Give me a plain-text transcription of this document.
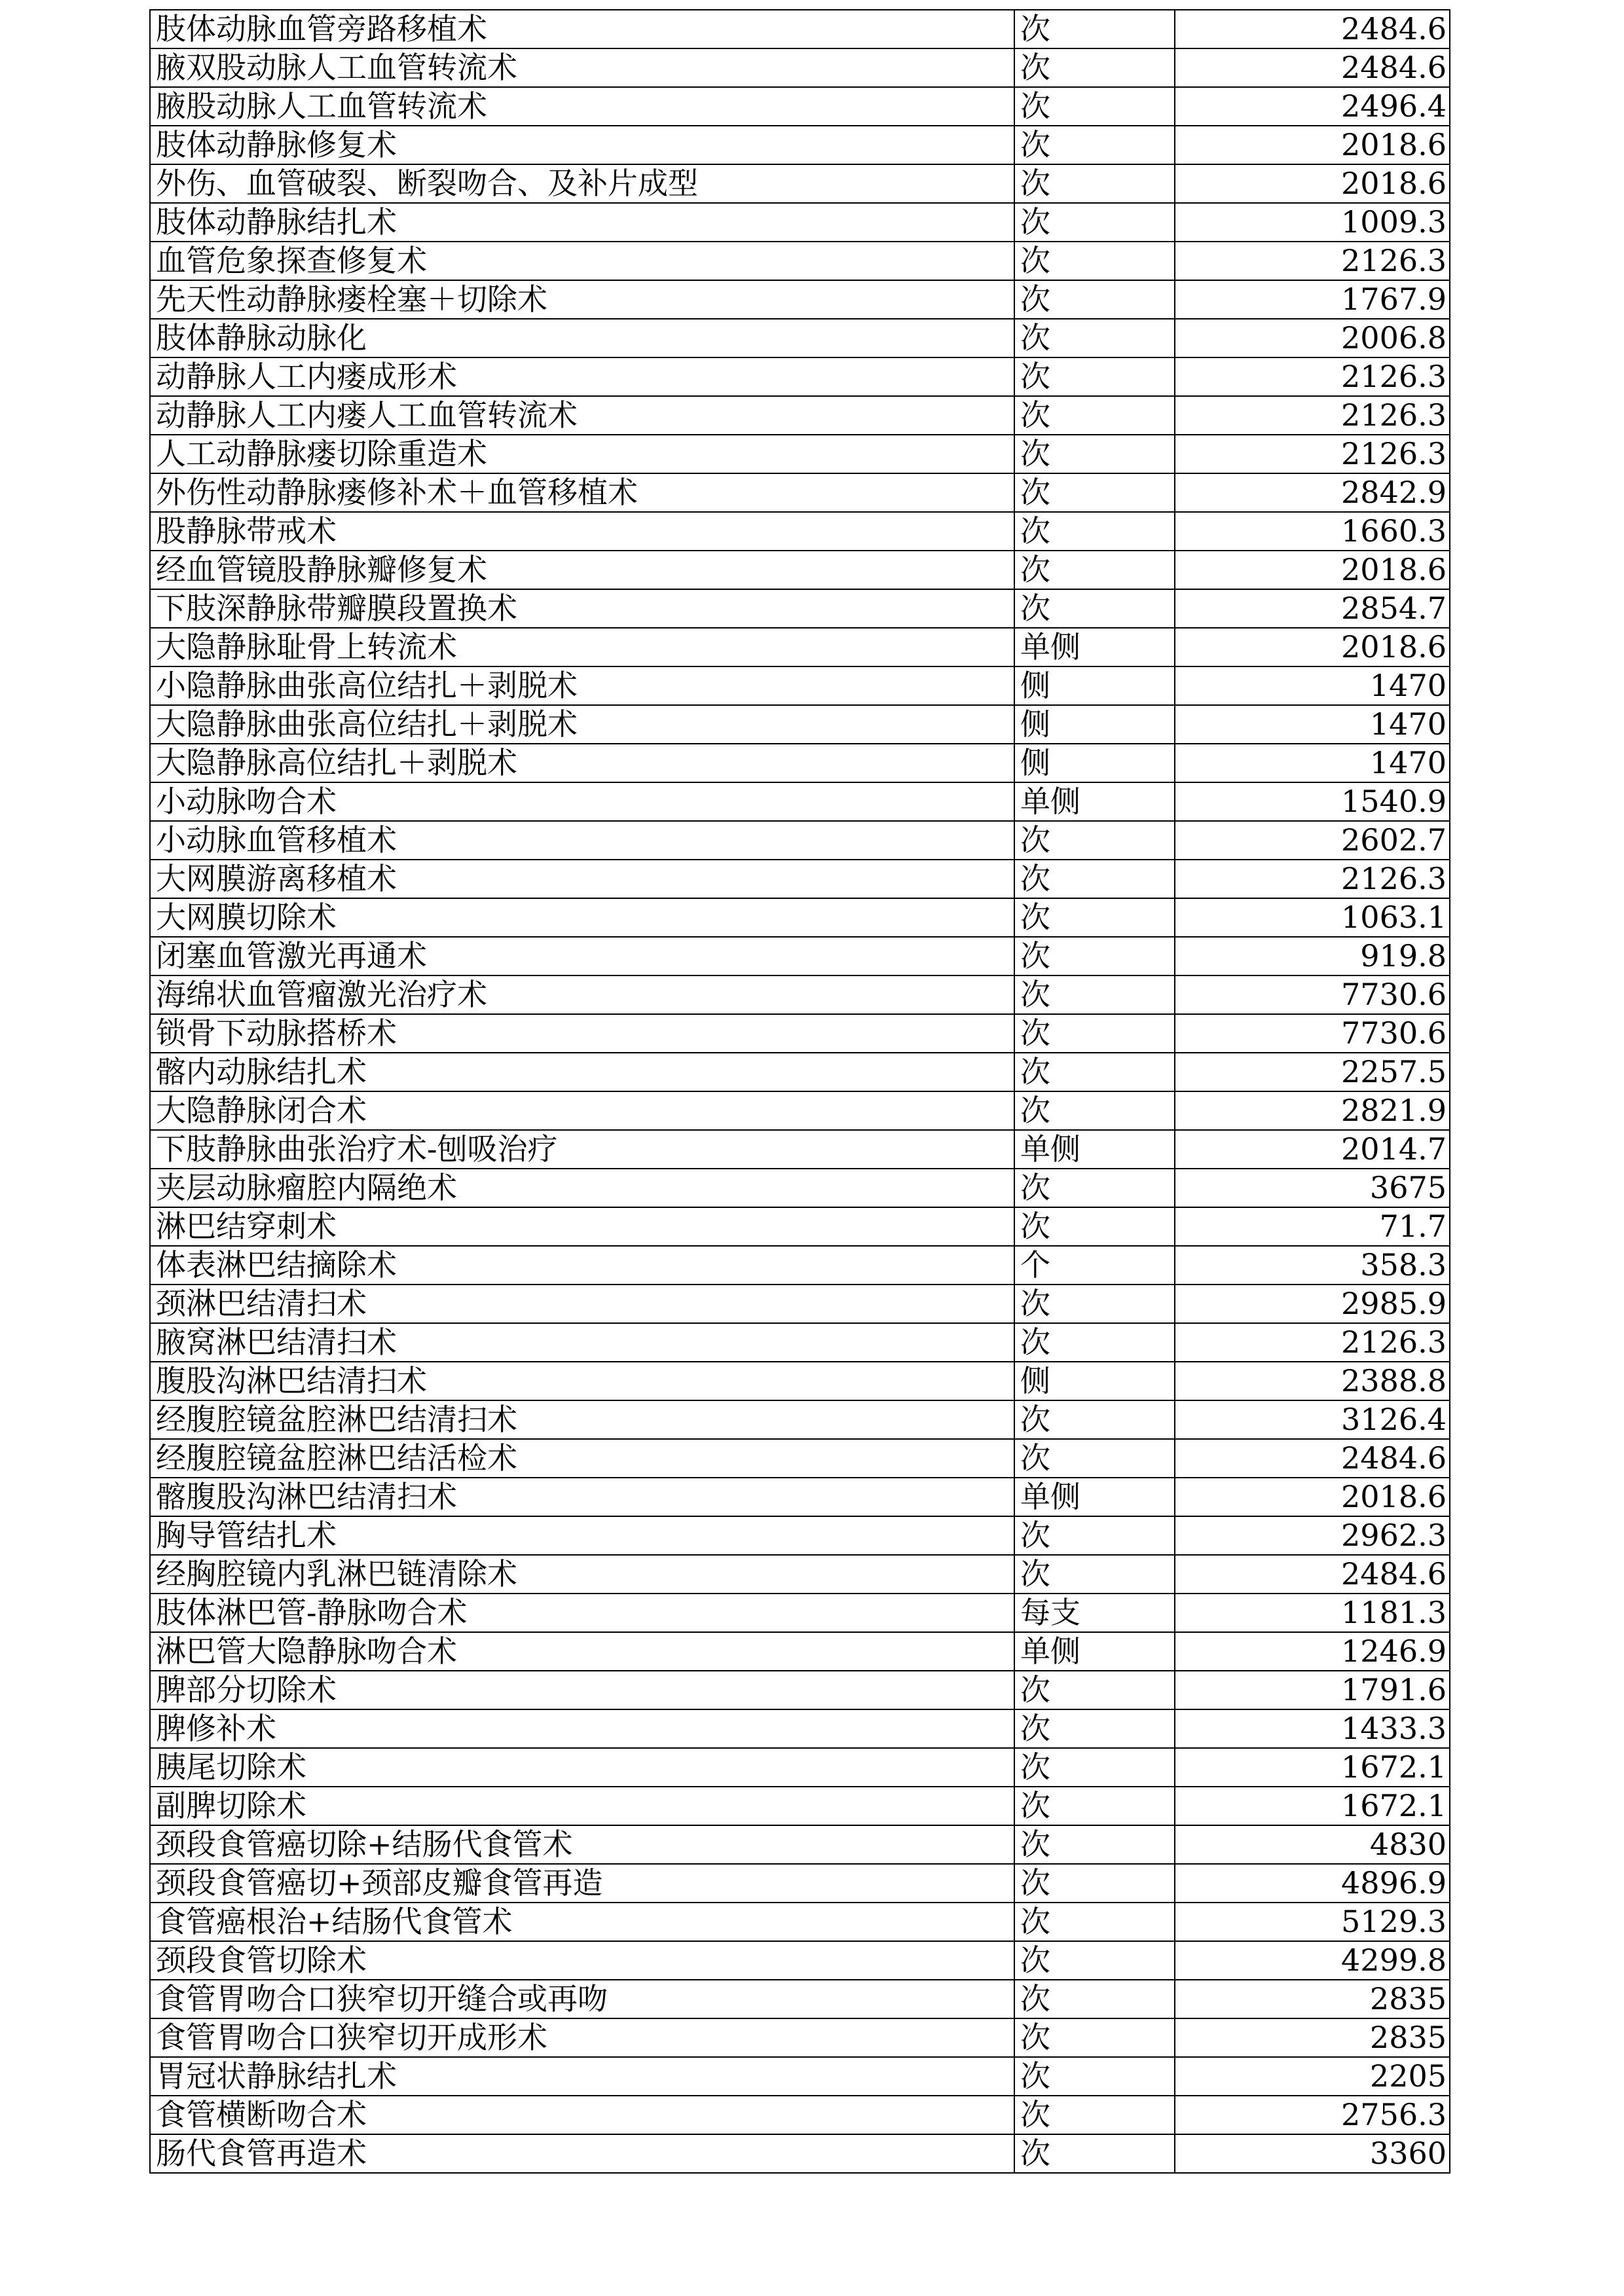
肢体动脉血管旁路移植术	次	2484.6
腋双股动脉人工血管转流术	次	2484.6
腋股动脉人工血管转流术	次	2496.4
肢体动静脉修复术	次	2018.6
外伤、血管破裂、断裂吻合、及补片成型	次	2018.6
肢体动静脉结扎术	次	1009.3
血管危象探查修复术	次	2126.3
先天性动静脉瘘栓塞＋切除术	次	1767.9
肢体静脉动脉化	次	2006.8
动静脉人工内瘘成形术	次	2126.3
动静脉人工内瘘人工血管转流术	次	2126.3
人工动静脉瘘切除重造术	次	2126.3
外伤性动静脉瘘修补术＋血管移植术	次	2842.9
股静脉带戒术	次	1660.3
经血管镜股静脉瓣修复术	次	2018.6
下肢深静脉带瓣膜段置换术	次	2854.7
大隐静脉耻骨上转流术	单侧	2018.6
小隐静脉曲张高位结扎＋剥脱术	侧	1470
大隐静脉曲张高位结扎＋剥脱术	侧	1470
大隐静脉高位结扎＋剥脱术	侧	1470
小动脉吻合术	单侧	1540.9
小动脉血管移植术	次	2602.7
大网膜游离移植术	次	2126.3
大网膜切除术	次	1063.1
闭塞血管激光再通术	次	919.8
海绵状血管瘤激光治疗术	次	7730.6
锁骨下动脉搭桥术	次	7730.6
髂内动脉结扎术	次	2257.5
大隐静脉闭合术	次	2821.9
下肢静脉曲张治疗术-刨吸治疗	单侧	2014.7
夹层动脉瘤腔内隔绝术	次	3675
淋巴结穿刺术	次	71.7
体表淋巴结摘除术	个	358.3
颈淋巴结清扫术	次	2985.9
腋窝淋巴结清扫术	次	2126.3
腹股沟淋巴结清扫术	侧	2388.8
经腹腔镜盆腔淋巴结清扫术	次	3126.4
经腹腔镜盆腔淋巴结活检术	次	2484.6
髂腹股沟淋巴结清扫术	单侧	2018.6
胸导管结扎术	次	2962.3
经胸腔镜内乳淋巴链清除术	次	2484.6
肢体淋巴管-静脉吻合术	每支	1181.3
淋巴管大隐静脉吻合术	单侧	1246.9
脾部分切除术	次	1791.6
脾修补术	次	1433.3
胰尾切除术	次	1672.1
副脾切除术	次	1672.1
颈段食管癌切除+结肠代食管术	次	4830
颈段食管癌切+颈部皮瓣食管再造	次	4896.9
食管癌根治+结肠代食管术	次	5129.3
颈段食管切除术	次	4299.8
食管胃吻合口狭窄切开缝合或再吻	次	2835
食管胃吻合口狭窄切开成形术	次	2835
胃冠状静脉结扎术	次	2205
食管横断吻合术	次	2756.3
肠代食管再造术	次	3360
